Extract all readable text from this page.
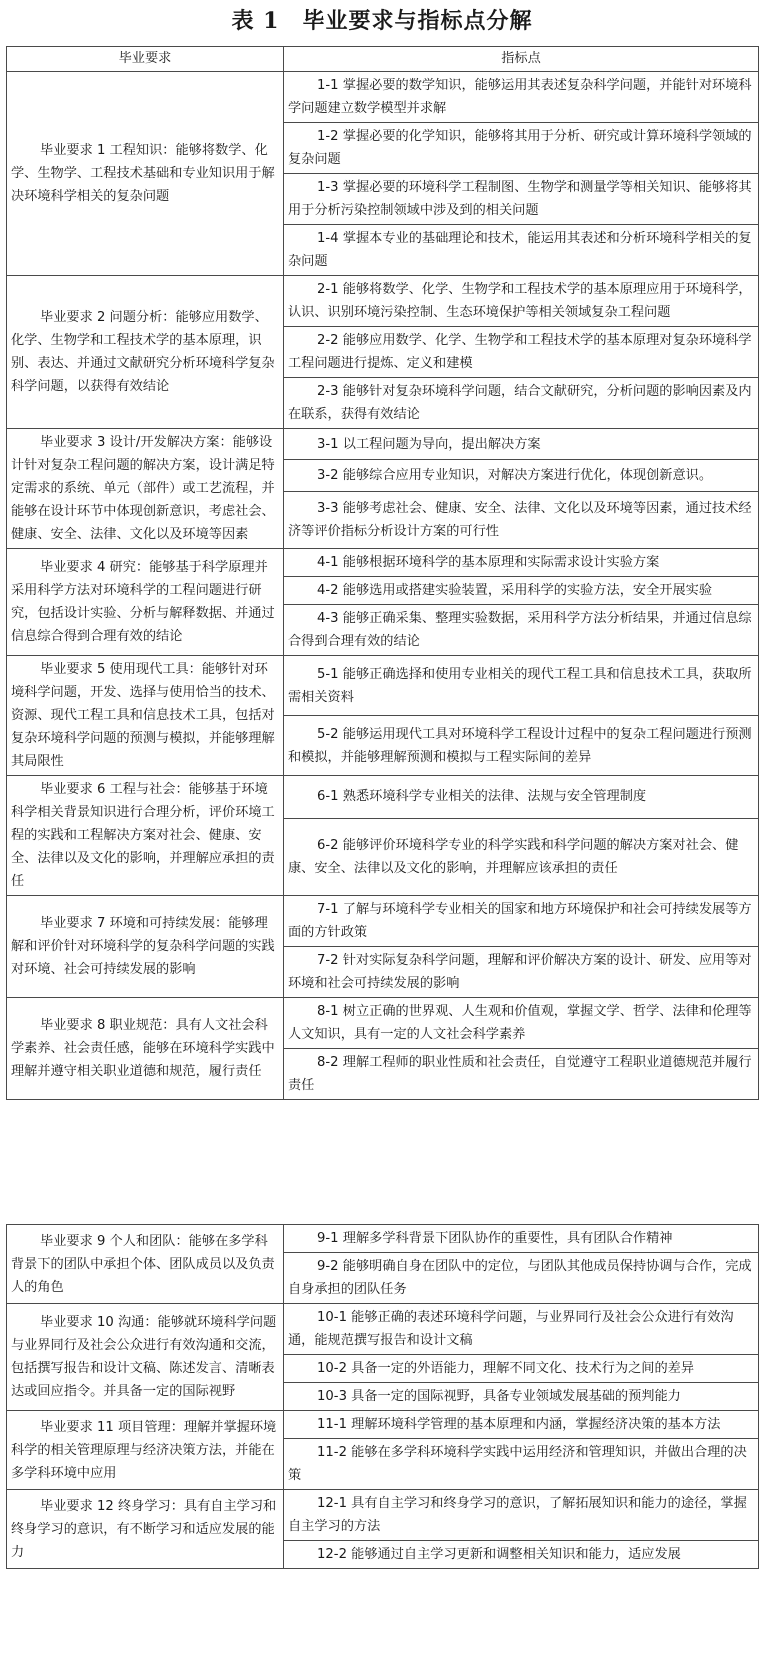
表 1　毕业要求与指标点分解
毕业要求	指标点
毕业要求 1 工程知识：能够将数学、化学、生物学、工程技术基础和专业知识用于解决环境科学相关的复杂问题	1-1 掌握必要的数学知识，能够运用其表述复杂科学问题，并能针对环境科学问题建立数学模型并求解
	1-2 掌握必要的化学知识，能够将其用于分析、研究或计算环境科学领域的复杂问题
	1-3 掌握必要的环境科学工程制图、生物学和测量学等相关知识、能够将其用于分析污染控制领域中涉及到的相关问题
	1-4 掌握本专业的基础理论和技术，能运用其表述和分析环境科学相关的复杂问题
毕业要求 2 问题分析：能够应用数学、化学、生物学和工程技术学的基本原理，识别、表达、并通过文献研究分析环境科学复杂科学问题，以获得有效结论	2-1 能够将数学、化学、生物学和工程技术学的基本原理应用于环境科学，认识、识别环境污染控制、生态环境保护等相关领域复杂工程问题
	2-2 能够应用数学、化学、生物学和工程技术学的基本原理对复杂环境科学工程问题进行提炼、定义和建模
	2-3 能够针对复杂环境科学问题，结合文献研究，分析问题的影响因素及内在联系，获得有效结论
毕业要求 3 设计/开发解决方案：能够设计针对复杂工程问题的解决方案，设计满足特定需求的系统、单元（部件）或工艺流程，并能够在设计环节中体现创新意识，考虑社会、健康、安全、法律、文化以及环境等因素	3-1 以工程问题为导向，提出解决方案
	3-2 能够综合应用专业知识，对解决方案进行优化，体现创新意识。
	3-3 能够考虑社会、健康、安全、法律、文化以及环境等因素，通过技术经济等评价指标分析设计方案的可行性
毕业要求 4 研究：能够基于科学原理并采用科学方法对环境科学的工程问题进行研究，包括设计实验、分析与解释数据、并通过信息综合得到合理有效的结论	4-1 能够根据环境科学的基本原理和实际需求设计实验方案
	4-2 能够选用或搭建实验装置，采用科学的实验方法，安全开展实验
	4-3 能够正确采集、整理实验数据，采用科学方法分析结果，并通过信息综合得到合理有效的结论
毕业要求 5 使用现代工具：能够针对环境科学问题，开发、选择与使用恰当的技术、资源、现代工程工具和信息技术工具，包括对复杂环境科学问题的预测与模拟，并能够理解其局限性	5-1 能够正确选择和使用专业相关的现代工程工具和信息技术工具，获取所需相关资料
	5-2 能够运用现代工具对环境科学工程设计过程中的复杂工程问题进行预测和模拟，并能够理解预测和模拟与工程实际间的差异
毕业要求 6 工程与社会：能够基于环境科学相关背景知识进行合理分析，评价环境工程的实践和工程解决方案对社会、健康、安全、法律以及文化的影响，并理解应承担的责任	6-1 熟悉环境科学专业相关的法律、法规与安全管理制度
	6-2 能够评价环境科学专业的科学实践和科学问题的解决方案对社会、健康、安全、法律以及文化的影响，并理解应该承担的责任
毕业要求 7 环境和可持续发展：能够理解和评价针对环境科学的复杂科学问题的实践对环境、社会可持续发展的影响	7-1 了解与环境科学专业相关的国家和地方环境保护和社会可持续发展等方面的方针政策
	7-2 针对实际复杂科学问题，理解和评价解决方案的设计、研发、应用等对环境和社会可持续发展的影响
毕业要求 8 职业规范：具有人文社会科学素养、社会责任感，能够在环境科学实践中理解并遵守相关职业道德和规范，履行责任	8-1 树立正确的世界观、人生观和价值观，掌握文学、哲学、法律和伦理等人文知识，具有一定的人文社会科学素养
	8-2 理解工程师的职业性质和社会责任，自觉遵守工程职业道德规范并履行责任
毕业要求 9 个人和团队：能够在多学科背景下的团队中承担个体、团队成员以及负责人的角色	9-1 理解多学科背景下团队协作的重要性，具有团队合作精神
	9-2 能够明确自身在团队中的定位，与团队其他成员保持协调与合作，完成自身承担的团队任务
毕业要求 10 沟通：能够就环境科学问题与业界同行及社会公众进行有效沟通和交流，包括撰写报告和设计文稿、陈述发言、清晰表达或回应指令。并具备一定的国际视野	10-1 能够正确的表述环境科学问题，与业界同行及社会公众进行有效沟通，能规范撰写报告和设计文稿
	10-2 具备一定的外语能力，理解不同文化、技术行为之间的差异
	10-3 具备一定的国际视野，具备专业领域发展基础的预判能力
毕业要求 11 项目管理：理解并掌握环境科学的相关管理原理与经济决策方法，并能在多学科环境中应用	11-1 理解环境科学管理的基本原理和内涵，掌握经济决策的基本方法
	11-2 能够在多学科环境科学实践中运用经济和管理知识，并做出合理的决策
毕业要求 12 终身学习：具有自主学习和终身学习的意识，有不断学习和适应发展的能力	12-1 具有自主学习和终身学习的意识，了解拓展知识和能力的途径，掌握自主学习的方法
	12-2 能够通过自主学习更新和调整相关知识和能力，适应发展
